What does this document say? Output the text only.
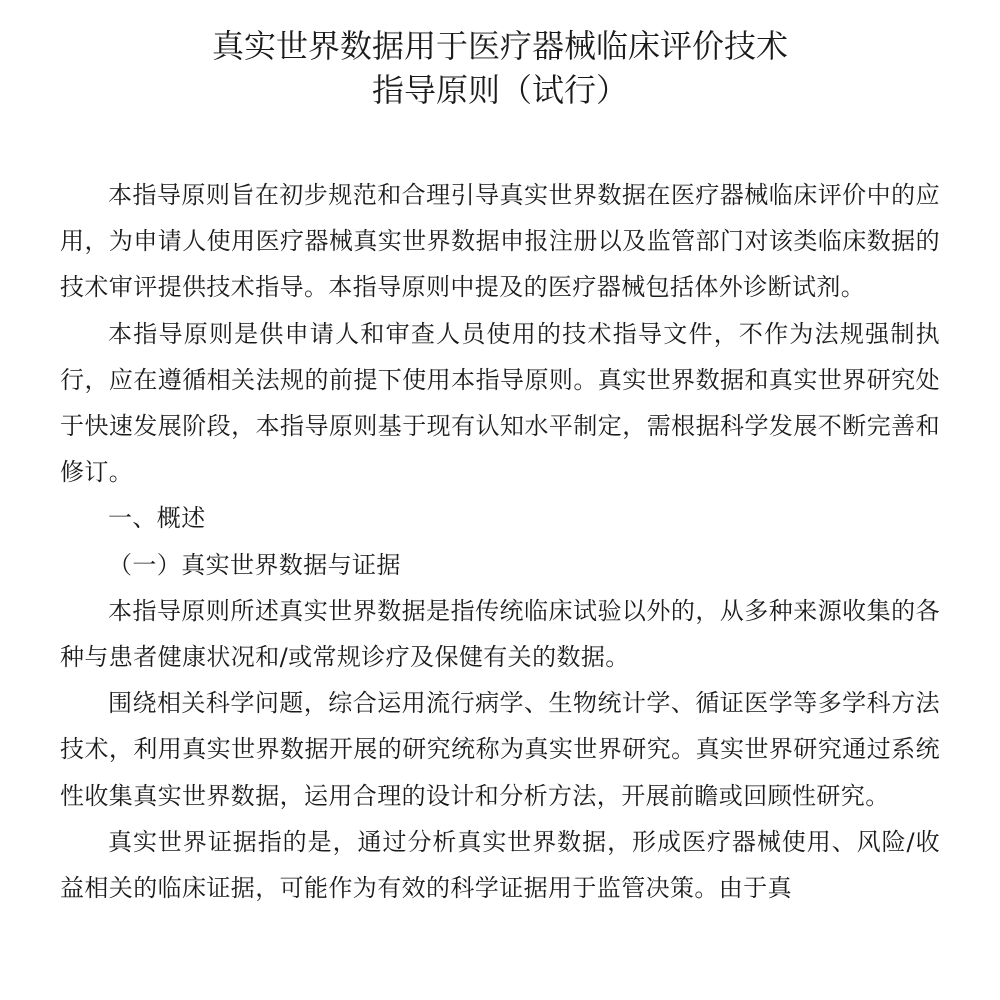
真实世界数据用于医疗器械临床评价技术
指导原则（试行）

本指导原则旨在初步规范和合理引导真实世界数据在医疗器械临床评价中的应用，为申请人使用医疗器械真实世界数据申报注册以及监管部门对该类临床数据的技术审评提供技术指导。本指导原则中提及的医疗器械包括体外诊断试剂。

本指导原则是供申请人和审查人员使用的技术指导文件，不作为法规强制执行，应在遵循相关法规的前提下使用本指导原则。真实世界数据和真实世界研究处于快速发展阶段，本指导原则基于现有认知水平制定，需根据科学发展不断完善和修订。

一、概述

（一）真实世界数据与证据

本指导原则所述真实世界数据是指传统临床试验以外的，从多种来源收集的各种与患者健康状况和/或常规诊疗及保健有关的数据。

围绕相关科学问题，综合运用流行病学、生物统计学、循证医学等多学科方法技术，利用真实世界数据开展的研究统称为真实世界研究。真实世界研究通过系统性收集真实世界数据，运用合理的设计和分析方法，开展前瞻或回顾性研究。

真实世界证据指的是，通过分析真实世界数据，形成医疗器械使用、风险/收益相关的临床证据，可能作为有效的科学证据用于监管决策。由于真
